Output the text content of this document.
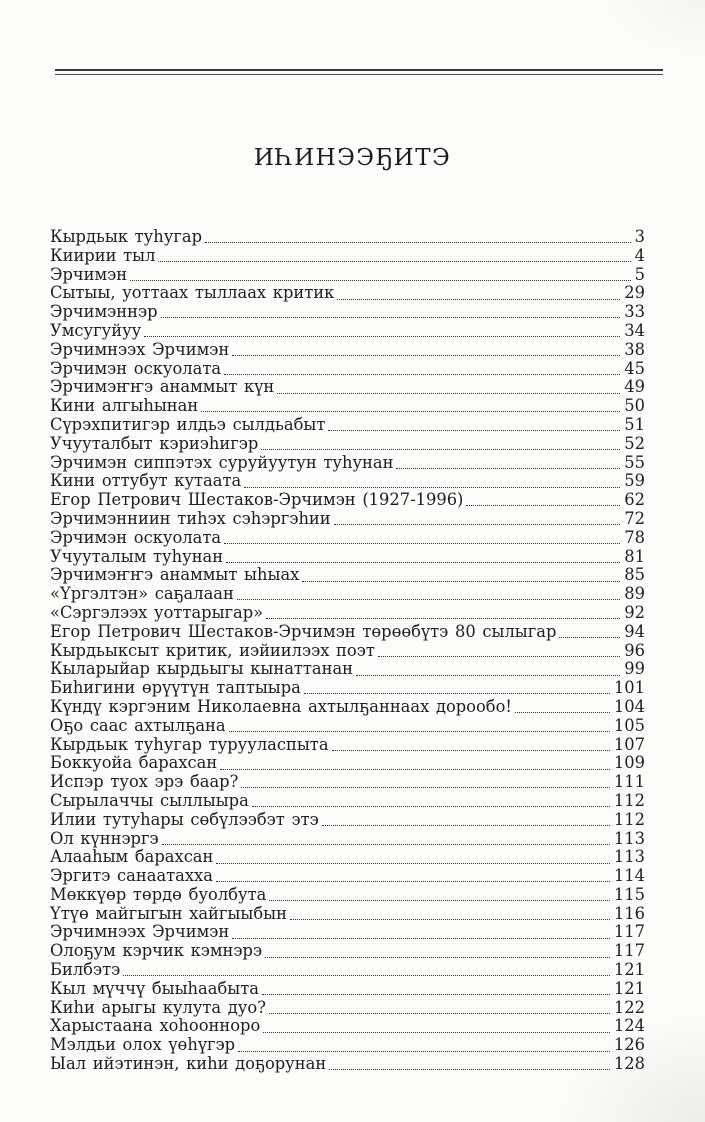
ИҺИНЭЭҔИТЭ
Кырдьык туһугар	3
Киирии тыл	4
Эрчимэн	5
Сытыы, уоттаах тыллаах критик	29
Эрчимэннэр	33
Умсугуйуу	34
Эрчимнээх Эрчимэн	38
Эрчимэн оскуолата	45
Эрчимэҥҥэ анаммыт күн	49
Кини алгыһынан	50
Сүрэхпитигэр илдьэ сылдьабыт	51
Учууталбыт кэриэһигэр	52
Эрчимэн сиппэтэх суруйуутун туһунан	55
Кини оттубут кутаата	59
Егор Петрович Шестаков-Эрчимэн (1927-1996)	62
Эрчимэнниин тиһэх сэһэргэһии	72
Эрчимэн оскуолата	78
Учууталым туһунан	81
Эрчимэҥҥэ анаммыт ыһыах	85
«Үргэлтэн» саҕалаан	89
«Сэргэлээх уоттарыгар»	92
Егор Петрович Шестаков-Эрчимэн төрөөбүтэ 80 сылыгар	94
Кырдьыксыт критик, иэйиилээх поэт	96
Кыларыйар кырдьыгы кынаттанан	99
Биһигини өрүүтүн таптыыра	101
Күндү кэргэним Николаевна ахтылҕаннаах дорообо!	104
Оҕо саас ахтылҕана	105
Кырдьык туһугар турууласпыта	107
Боккуойа барахсан	109
Испэр туох эрэ баар?	111
Сырылаччы сыллыыра	112
Илии тутуһары сөбүлээбэт этэ	112
Ол күннэргэ	113
Алааһым барахсан	113
Эргитэ санаатахха	114
Мөккүөр төрдө буолбута	115
Үтүө майгыгын хайгыыбын	116
Эрчимнээх Эрчимэн	117
Олоҕум кэрчик кэмнэрэ	117
Билбэтэ	121
Кыл мүччү быыһаабыта	121
Киһи арыгы кулута дуо?	122
Харыстаана хоһоонноро	124
Мэлдьи олох үөһүгэр	126
Ыал ийэтинэн, киһи доҕорунан	128
